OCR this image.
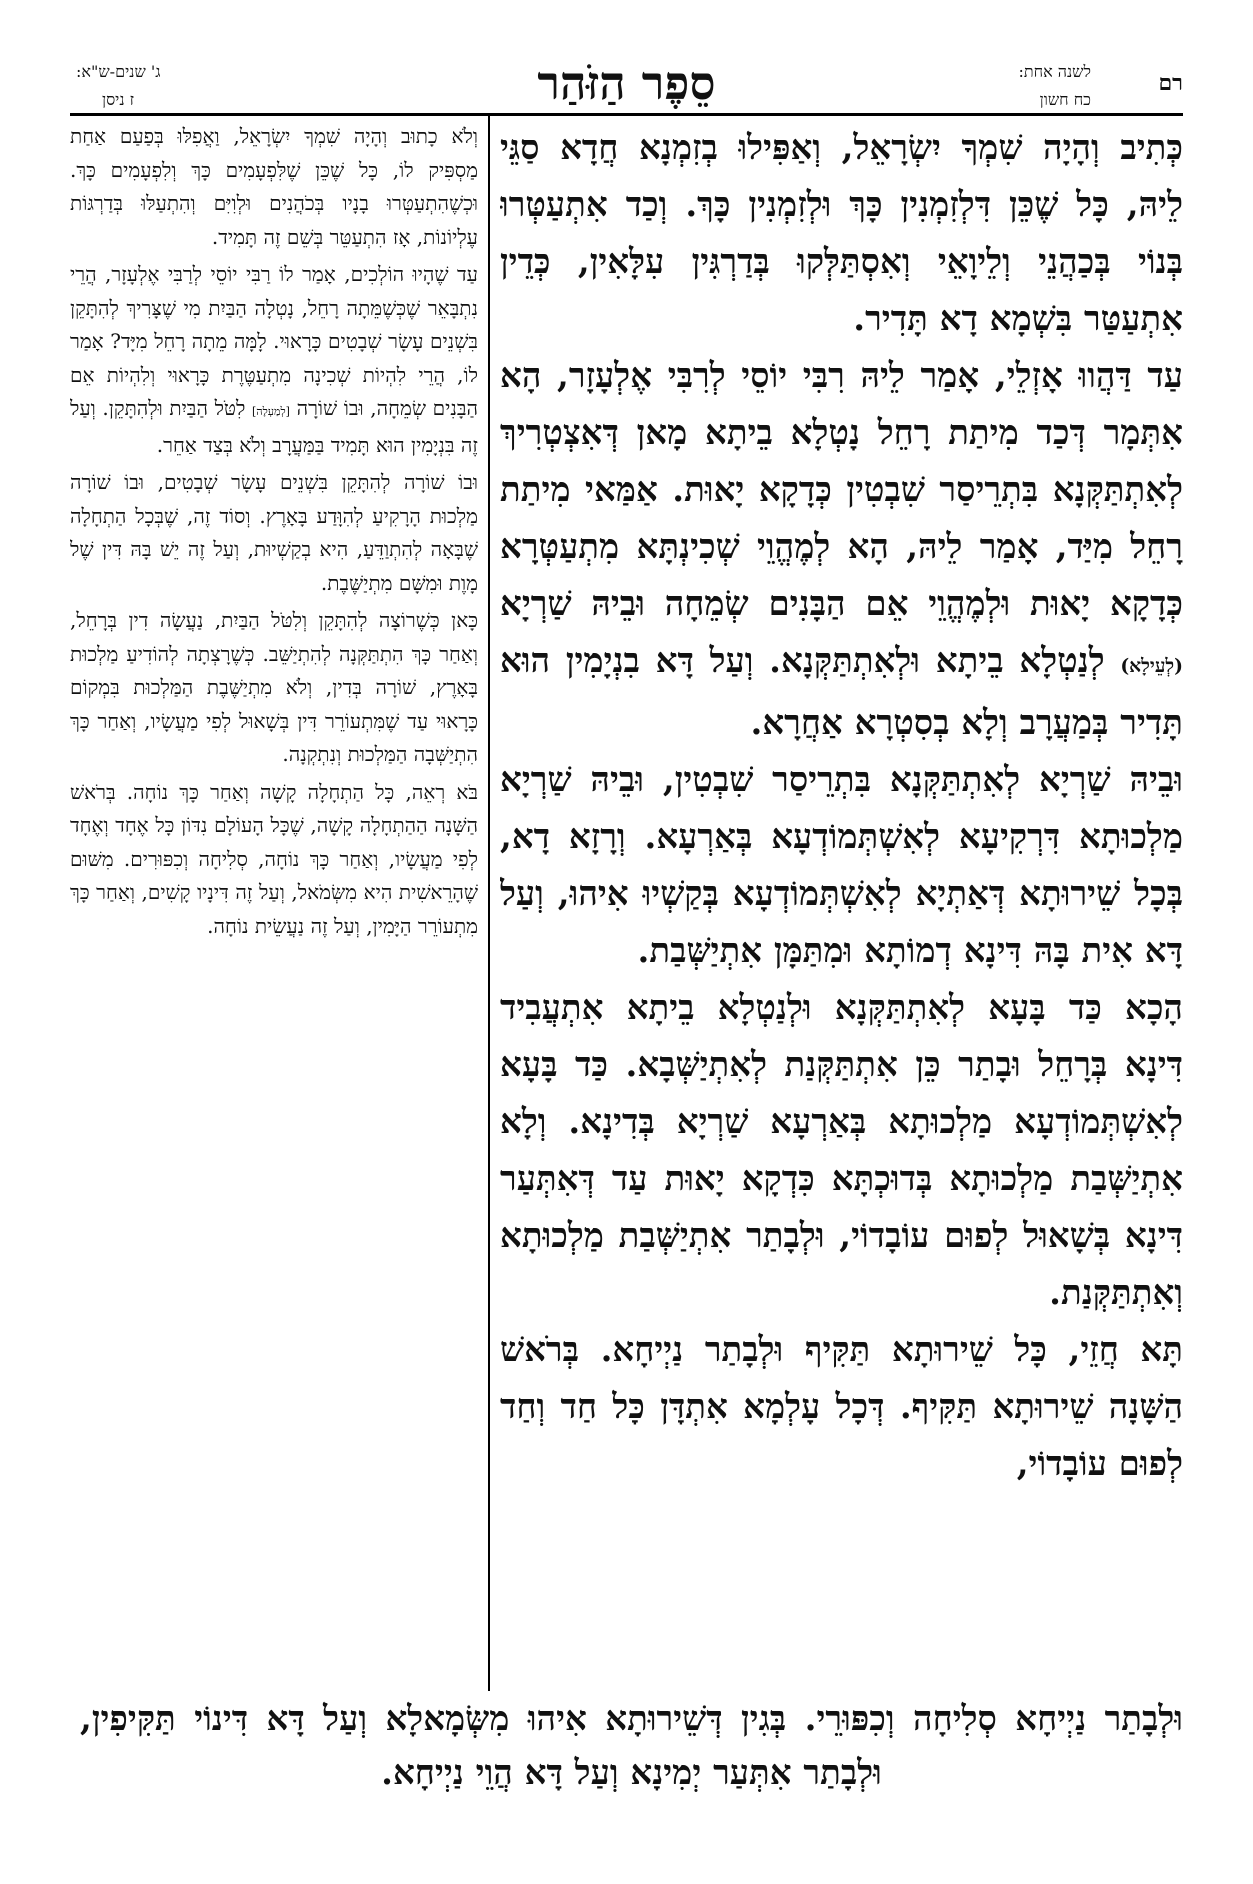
רם
לשנה אחת:
כח חשון
סֵפֶר הַזֹּהַר
ג' שנים-ש"א:
ז ניסן

כְּתִיב וְהָיָה שִׁמְךָ יִשְׂרָאֵל, וְאַפִּילוּ בְזִמְנָא חֲדָא סַגֵּי לֵיהּ, כָּל שֶׁכֵּן דִּלְזִמְנִין כָּךְ וּלְזִמְנִין כָּךְ. וְכַד אִתְעַטְּרוּ בְּנוֹי בְּכַהֲנֵי וְלֵיוָאֵי וְאִסְתַּלְּקוּ בְּדַרְגִּין עִלָּאִין, כְּדֵין אִתְעַטַּר בִּשְׁמָא דָא תָּדִיר.

עַד דַּהֲווּ אָזְלֵי, אָמַר לֵיהּ רִבִּי יוֹסֵי לְרִבִּי אֶלְעָזָר, הָא אִתְּמָר דְּכַד מִיתַת רָחֵל נָטְלָא בֵיתָא מָאן דְּאִצְטְרִיךְ לְאִתְתַּקְּנָא בִּתְרֵיסַר שִׁבְטִין כְּדָקָא יָאוּת. אַמַּאי מִיתַת רָחֵל מִיַּד, אָמַר לֵיהּ, הָא לְמֶהֱוֵי שְׁכִינְתָּא מִתְעַטְּרָא כְּדָקָא יָאוּת וּלְמֶהֱוֵי אֵם הַבָּנִים שְׂמֵחָה וּבֵיהּ שַׁרְיָא (לְעֵילָא) לְנַטְלָא בֵיתָא וּלְאִתְתַּקְּנָא. וְעַל דָּא בִנְיָמִין הוּא תָּדִיר בְּמַעֲרָב וְלָא בְסִטְרָא אַחֲרָא.

וּבֵיהּ שַׁרְיָא לְאִתְתַּקְּנָא בִּתְרֵיסַר שִׁבְטִין, וּבֵיהּ שַׁרְיָא מַלְכוּתָא דִּרְקִיעָא לְאִשְׁתְּמוֹדְעָא בְּאַרְעָא. וְרָזָא דָא, בְּכָל שֵׁירוּתָא דְּאַתְיָא לְאִשְׁתְּמוֹדְעָא בְּקַשְׁיוּ אִיהוּ, וְעַל דָּא אִית בָּהּ דִּינָא דְמוֹתָא וּמִתַּמָּן אִתְיַשְּׁבַת.

הָכָא כַּד בָּעָא לְאִתְתַּקְּנָא וּלְנַטְלָא בֵיתָא אִתְעֲבִיד דִּינָא בְּרָחֵל וּבָתַר כֵּן אִתְתַּקְּנַת לְאִתְיַשְּׁבָא. כַּד בָּעָא לְאִשְׁתְּמוֹדְעָא מַלְכוּתָא בְּאַרְעָא שַׁרְיָא בְּדִינָא. וְלָא אִתְיַשְּׁבַת מַלְכוּתָא בְּדוּכְתָּא כִּדְקָא יָאוּת עַד דְּאִתְּעַר דִּינָא בְּשָׁאוּל לְפוּם עוֹבָדוֹי, וּלְבָתַר אִתְיַשְּׁבַת מַלְכוּתָא וְאִתְתַּקְּנַת.

תָּא חֲזֵי, כָּל שֵׁירוּתָא תַּקִּיף וּלְבָתַר נַיְיחָא. בְּרֹאשׁ הַשָּׁנָה שֵׁירוּתָא תַּקִּיף. דְּכָל עָלְמָא אִתְדָּן כָּל חַד וְחַד לְפוּם עוֹבָדוֹי,

וְלֹא כָתוּב וְהָיָה שִׁמְךָ יִשְׂרָאֵל, וַאֲפִלּוּ בְּפַעַם אַחַת מַסְפִּיק לוֹ, כָּל שֶׁכֵּן שֶׁלִּפְעָמִים כָּךְ וְלִפְעָמִים כָּךְ. וּכְשֶׁהִתְעַטְּרוּ בָנָיו בְּכֹהֲנִים וּלְוִיִּם וְהִתְעַלּוּ בְּדַרְגּוֹת עֶלְיוֹנוֹת, אָז הִתְעַטֵּר בְּשֵׁם זֶה תָּמִיד.

עַד שֶׁהָיוּ הוֹלְכִים, אָמַר לוֹ רַבִּי יוֹסֵי לְרַבִּי אֶלְעָזָר, הֲרֵי נִתְבָּאֵר שֶׁכְּשֶׁמֵּתָה רָחֵל, נָטְלָה הַבַּיִת מִי שֶׁצָּרִיךְ לְהִתָּקֵן בִּשְׁנֵים עָשָׂר שְׁבָטִים כָּרָאוּי. לָמָּה מֵתָה רָחֵל מִיָּד? אָמַר לוֹ, הֲרֵי לִהְיוֹת שְׁכִינָה מִתְעַטֶּרֶת כָּרָאוּי וְלִהְיוֹת אֵם הַבָּנִים שְׂמֵחָה, וּבוֹ שׁוֹרָה [לְמַעְלָה] לִטֹּל הַבַּיִת וּלְהִתָּקֵן. וְעַל זֶה בִּנְיָמִין הוּא תָּמִיד בַּמַּעֲרָב וְלֹא בְּצַד אַחֵר.

וּבוֹ שׁוֹרָה לְהִתָּקֵן בִּשְׁנֵים עָשָׂר שְׁבָטִים, וּבוֹ שׁוֹרָה מַלְכוּת הָרָקִיעַ לְהִוָּדַע בָּאָרֶץ. וְסוֹד זֶה, שֶׁבְּכָל הַתְחָלָה שֶׁבָּאָה לְהִתְוַדֵּעַ, הִיא בְקַשְׁיוּת, וְעַל זֶה יֵשׁ בָּהּ דִּין שֶׁל מָוֶת וּמִשָּׁם מִתְיַשֶּׁבֶת.

כָּאן כְּשֶׁרוֹצָה לְהִתָּקֵן וְלִטֹּל הַבַּיִת, נַעֲשָׂה דִין בְּרָחֵל, וְאַחַר כָּךְ הִתְתַּקְּנָה לְהִתְיַשֵּׁב. כְּשֶׁרָצְתָה לְהוֹדִיעַ מַלְכוּת בָּאָרֶץ, שׁוֹרָה בְּדִין, וְלֹא מִתְיַשֶּׁבֶת הַמַּלְכוּת בִּמְקוֹם כָּרָאוּי עַד שֶׁמִּתְעוֹרֵר דִּין בְּשָׁאוּל לְפִי מַעֲשָׂיו, וְאַחַר כָּךְ הִתְיַשְּׁבָה הַמַּלְכוּת וְנִתְקְנָה.

בֹּא רְאֵה, כָּל הַתְחָלָה קָשָׁה וְאַחַר כָּךְ נוֹחָה. בְּרֹאשׁ הַשָּׁנָה הַהַתְחָלָה קָשָׁה, שֶׁכָּל הָעוֹלָם נִדּוֹן כָּל אֶחָד וְאֶחָד לְפִי מַעֲשָׂיו, וְאַחַר כָּךְ נוֹחָה, סְלִיחָה וְכִפּוּרִים. מִשּׁוּם שֶׁהָרֵאשִׁית הִיא מִשְּׂמֹאל, וְעַל זֶה דִּינָיו קָשִׁים, וְאַחַר כָּךְ מִתְעוֹרֵר הַיָּמִין, וְעַל זֶה נַעֲשֵׂית נוֹחָה.

וּלְבָתַר נַיְיחָא סְלִיחָה וְכִפּוּרֵי. בְּגִין דְּשֵׁירוּתָא אִיהוּ מִשְּׂמָאלָא וְעַל דָּא דִּינוֹי תַּקִּיפִין, וּלְבָתַר אִתְּעַר יְמִינָא וְעַל דָּא הֲוֵי נַיְיחָא.
